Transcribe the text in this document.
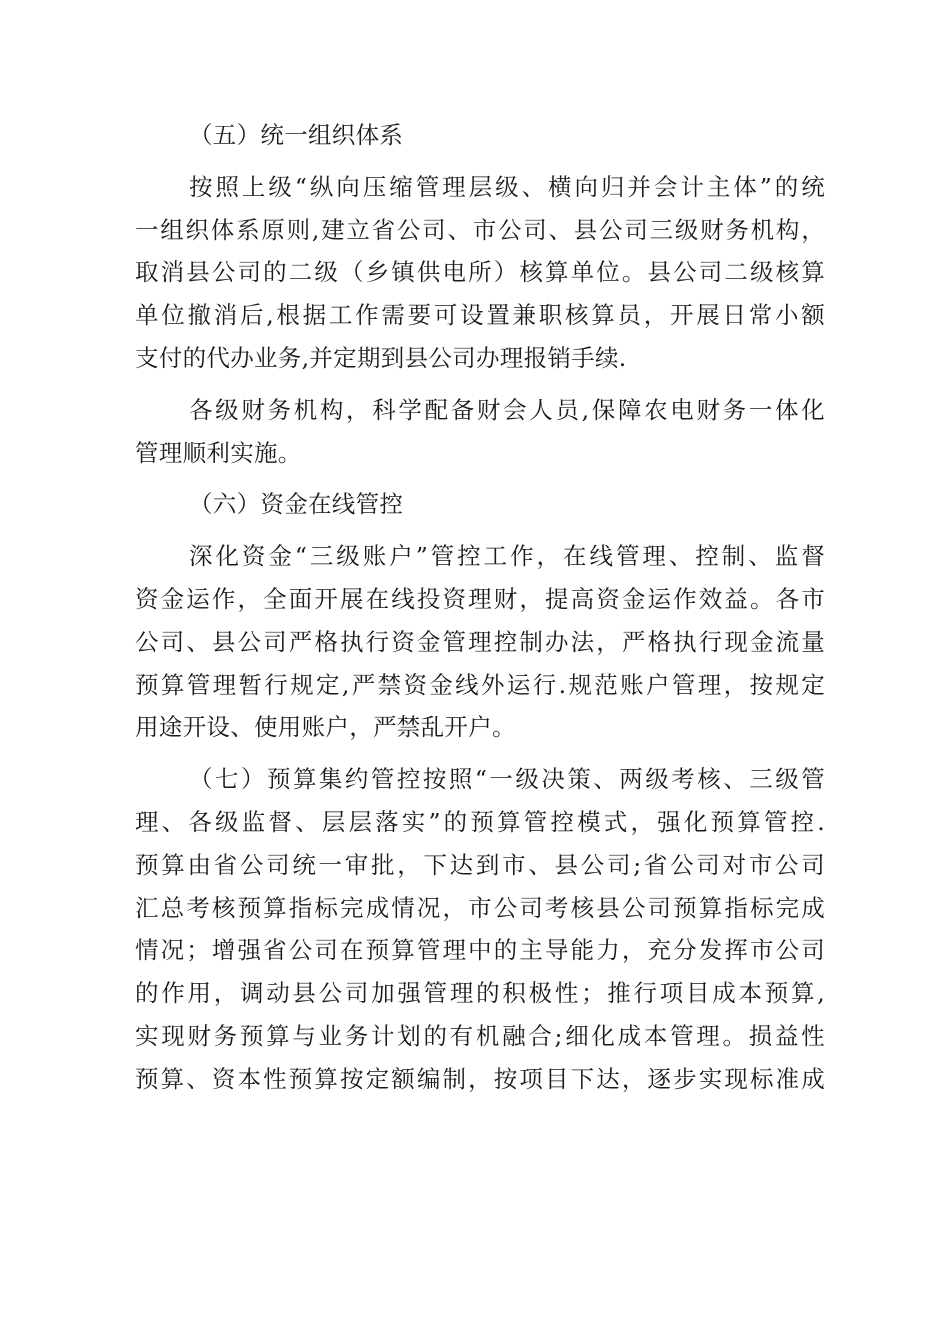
（五）统一组织体系
按照上级“纵向压缩管理层级、横向归并会计主体”的统
一组织体系原则,建立省公司、市公司、县公司三级财务机构，
取消县公司的二级（乡镇供电所）核算单位。县公司二级核算
单位撤消后,根据工作需要可设置兼职核算员，开展日常小额
支付的代办业务,并定期到县公司办理报销手续.
各级财务机构，科学配备财会人员,保障农电财务一体化
管理顺利实施。
（六）资金在线管控
深化资金“三级账户”管控工作，在线管理、控制、监督
资金运作，全面开展在线投资理财，提高资金运作效益。各市
公司、县公司严格执行资金管理控制办法，严格执行现金流量
预算管理暂行规定,严禁资金线外运行.规范账户管理，按规定
用途开设、使用账户，严禁乱开户。
（七）预算集约管控按照“一级决策、两级考核、三级管
理、各级监督、层层落实”的预算管控模式，强化预算管控.
预算由省公司统一审批，下达到市、县公司;省公司对市公司
汇总考核预算指标完成情况，市公司考核县公司预算指标完成
情况；增强省公司在预算管理中的主导能力，充分发挥市公司
的作用，调动县公司加强管理的积极性；推行项目成本预算,
实现财务预算与业务计划的有机融合;细化成本管理。损益性
预算、资本性预算按定额编制，按项目下达，逐步实现标准成
